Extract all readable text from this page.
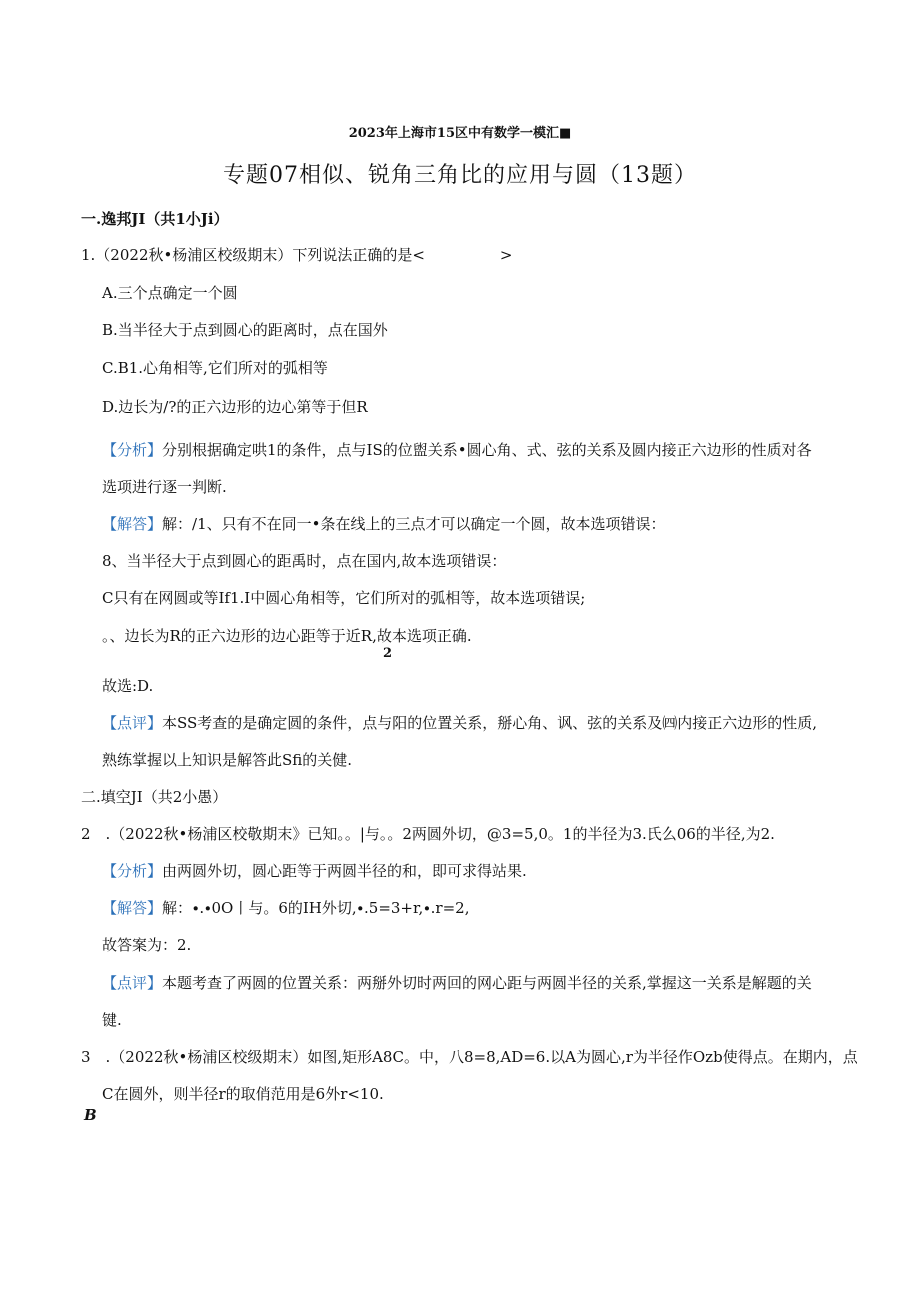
2023年上海市15区中有数学一模汇■
专题07相似、锐角三角比的应用与圆（13题）
一.逸邦JI（共1小Ji）
1.（2022秋•杨浦区校级期末）下列说法正确的是<　　　　　>
A.三个点确定一个圆
B.当半径大于点到圆心的距离时，点在国外
C.B1.心角相等,它们所对的弧相等
D.边长为/?的正六边形的边心第等于但R
【分析】分别根据确定哄1的条件，点与IS的位盥关系•圆心角、式、弦的关系及圆内接正六边形的性质对各
选项进行逐一判断.
【解答】解：/1、只有不在同一•条在线上的三点才可以确定一个圆，故本选项错误：
8、当半径大于点到圆心的距禹时，点在国内,故本选项错误：
C只有在网圆或等If1.I中圆心角相等，它们所对的弧相等，故本选项错误;
。、边长为R的正六边形的边心距等于近R,故本选项正确.
2
故选:D.
【点评】本SS考查的是确定圆的条件，点与阳的位置关系，掰心角、讽、弦的关系及㈣内接正六边形的性质,
熟练掌握以上知识是解答此Sfi的关健.
二.填空JI（共2小愚）
2　.（2022秋•杨浦区校敬期末》已知。。|与。。2两圆外切，@3=5,0。1的半径为3.氏么06的半径,为2.
【分析】由两圆外切，圆心距等于两圆半径的和，即可求得站果.
【解答】解：∙.∙0O丨与。6的IH外切,∙.5=3+r,∙.r=2,
故答案为：2.
【点评】本题考查了两圆的位置关系：两掰外切时两回的网心距与两圆半径的关系,掌握这一关系是解题的关
键.
3　.（2022秋•杨浦区校级期末）如图,矩形A8C。中，八8=8,AD=6.以A为圆心,r为半径作Ozb使得点。在期内，点
C在圆外，则半径r的取俏范用是6外r<10.
B
